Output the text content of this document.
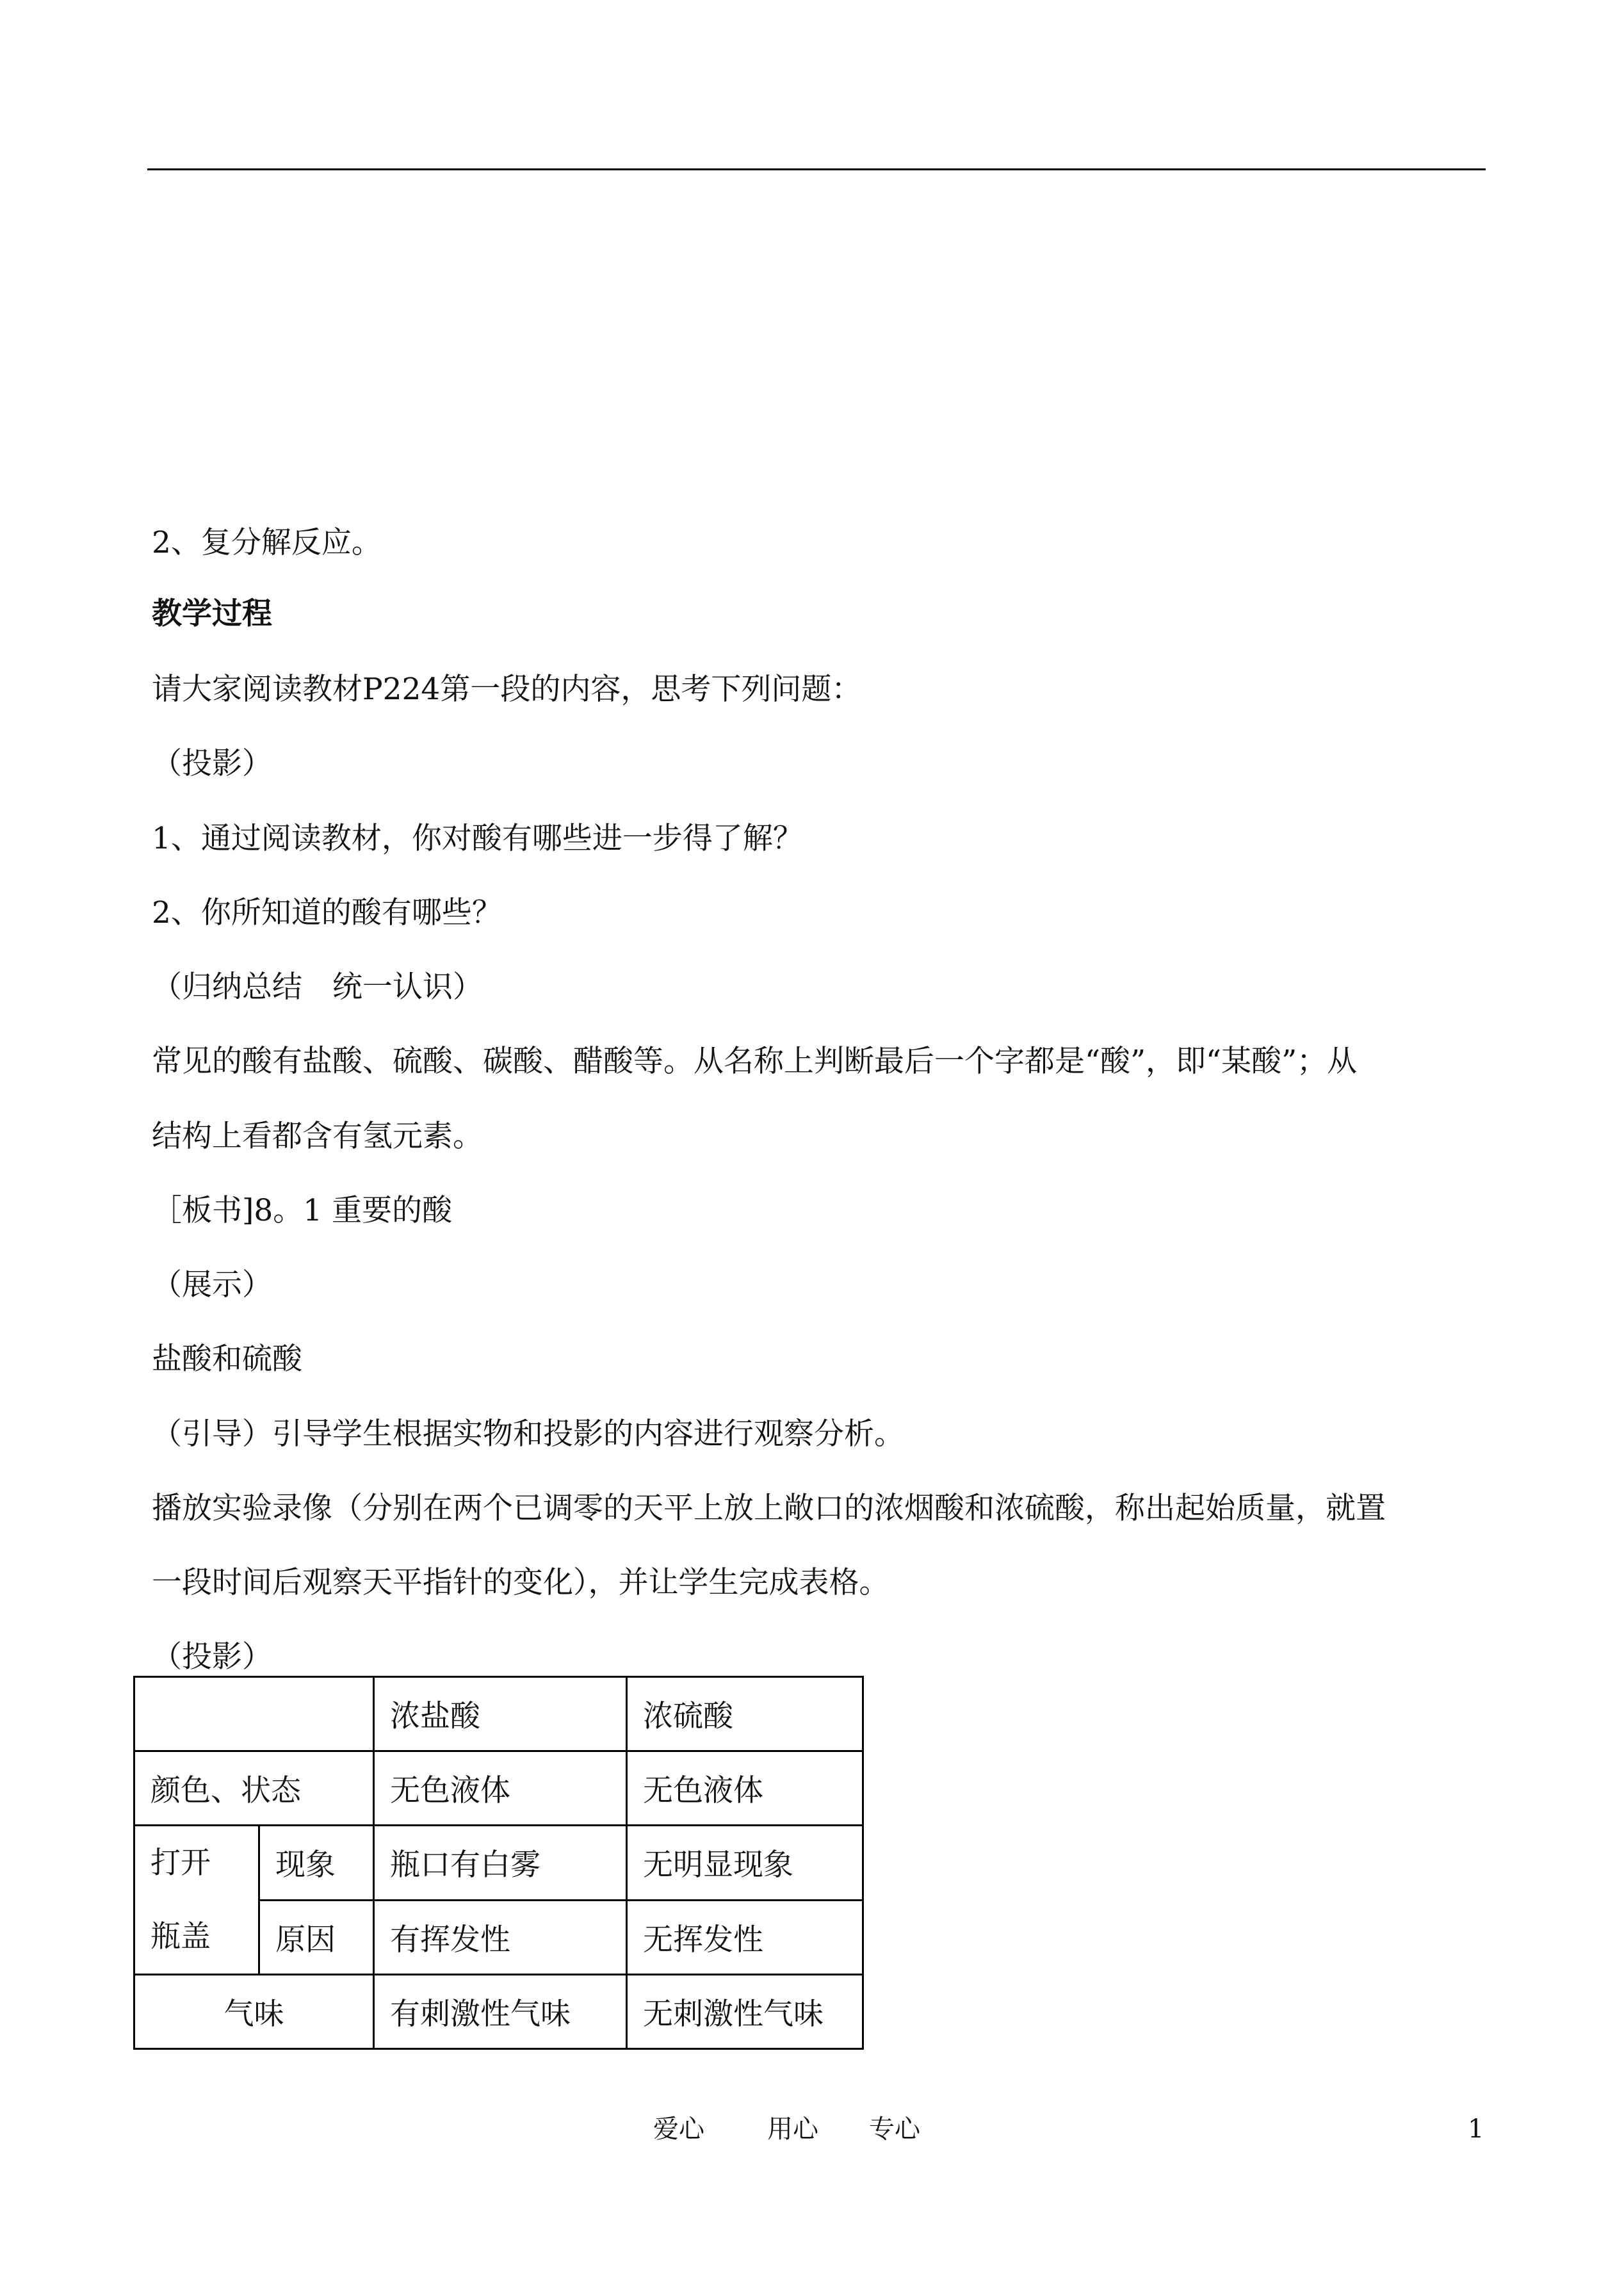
2、复分解反应。

教学过程

请大家阅读教材P224第一段的内容，思考下列问题：

（投影）

1、通过阅读教材，你对酸有哪些进一步得了解？

2、你所知道的酸有哪些？

（归纳总结　统一认识）

常见的酸有盐酸、硫酸、碳酸、醋酸等。从名称上判断最后一个字都是“酸”，即“某酸”；从

结构上看都含有氢元素。

［板书]8。1 重要的酸

（展示）

盐酸和硫酸

（引导）引导学生根据实物和投影的内容进行观察分析。

播放实验录像（分别在两个已调零的天平上放上敞口的浓烟酸和浓硫酸，称出起始质量，就置

一段时间后观察天平指针的变化），并让学生完成表格。

（投影）

		浓盐酸	浓硫酸
颜色、状态		无色液体	无色液体

打开
瓶盖	现象	瓶口有白雾	无明显现象
	原因	有挥发性	无挥发性
气味		有刺激性气味	无刺激性气味
爱心 用心 专心	1
